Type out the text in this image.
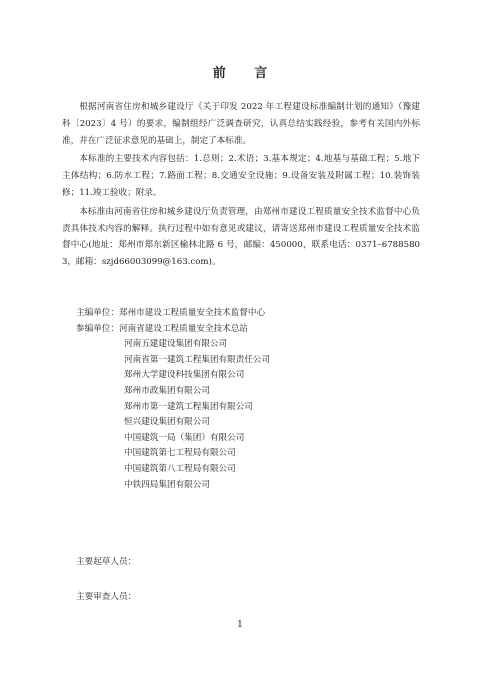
前 言

根据河南省住房和城乡建设厅《关于印发 2022 年工程建设标准编制计划的通知》（豫建科〔2023〕4 号）的要求，编制组经广泛调查研究，认真总结实践经验，参考有关国内外标准，并在广泛征求意见的基础上，制定了本标准。

本标准的主要技术内容包括：1.总则；2.术语；3.基本规定；4.地基与基础工程；5.地下主体结构；6.防水工程；7.路面工程；8.交通安全设施；9.设备安装及附属工程；10.装饰装修；11.竣工验收；附录。

本标准由河南省住房和城乡建设厅负责管理，由郑州市建设工程质量安全技术监督中心负责具体技术内容的解释。执行过程中如有意见或建议，请寄送郑州市建设工程质量安全技术监督中心(地址：郑州市郑东新区榆林北路 6 号，邮编：450000，联系电话：0371–67885803，邮箱：szjd66003099@163.com)。

主编单位：郑州市建设工程质量安全技术监督中心
参编单位：河南省建设工程质量安全技术总站
河南五建建设集团有限公司
河南省第一建筑工程集团有限责任公司
郑州大学建设科技集团有限公司
郑州市政集团有限公司
郑州市第一建筑工程集团有限公司
恒兴建设集团有限公司
中国建筑一局（集团）有限公司
中国建筑第七工程局有限公司
中国建筑第八工程局有限公司
中铁四局集团有限公司
主要起草人员：
主要审查人员：
1
